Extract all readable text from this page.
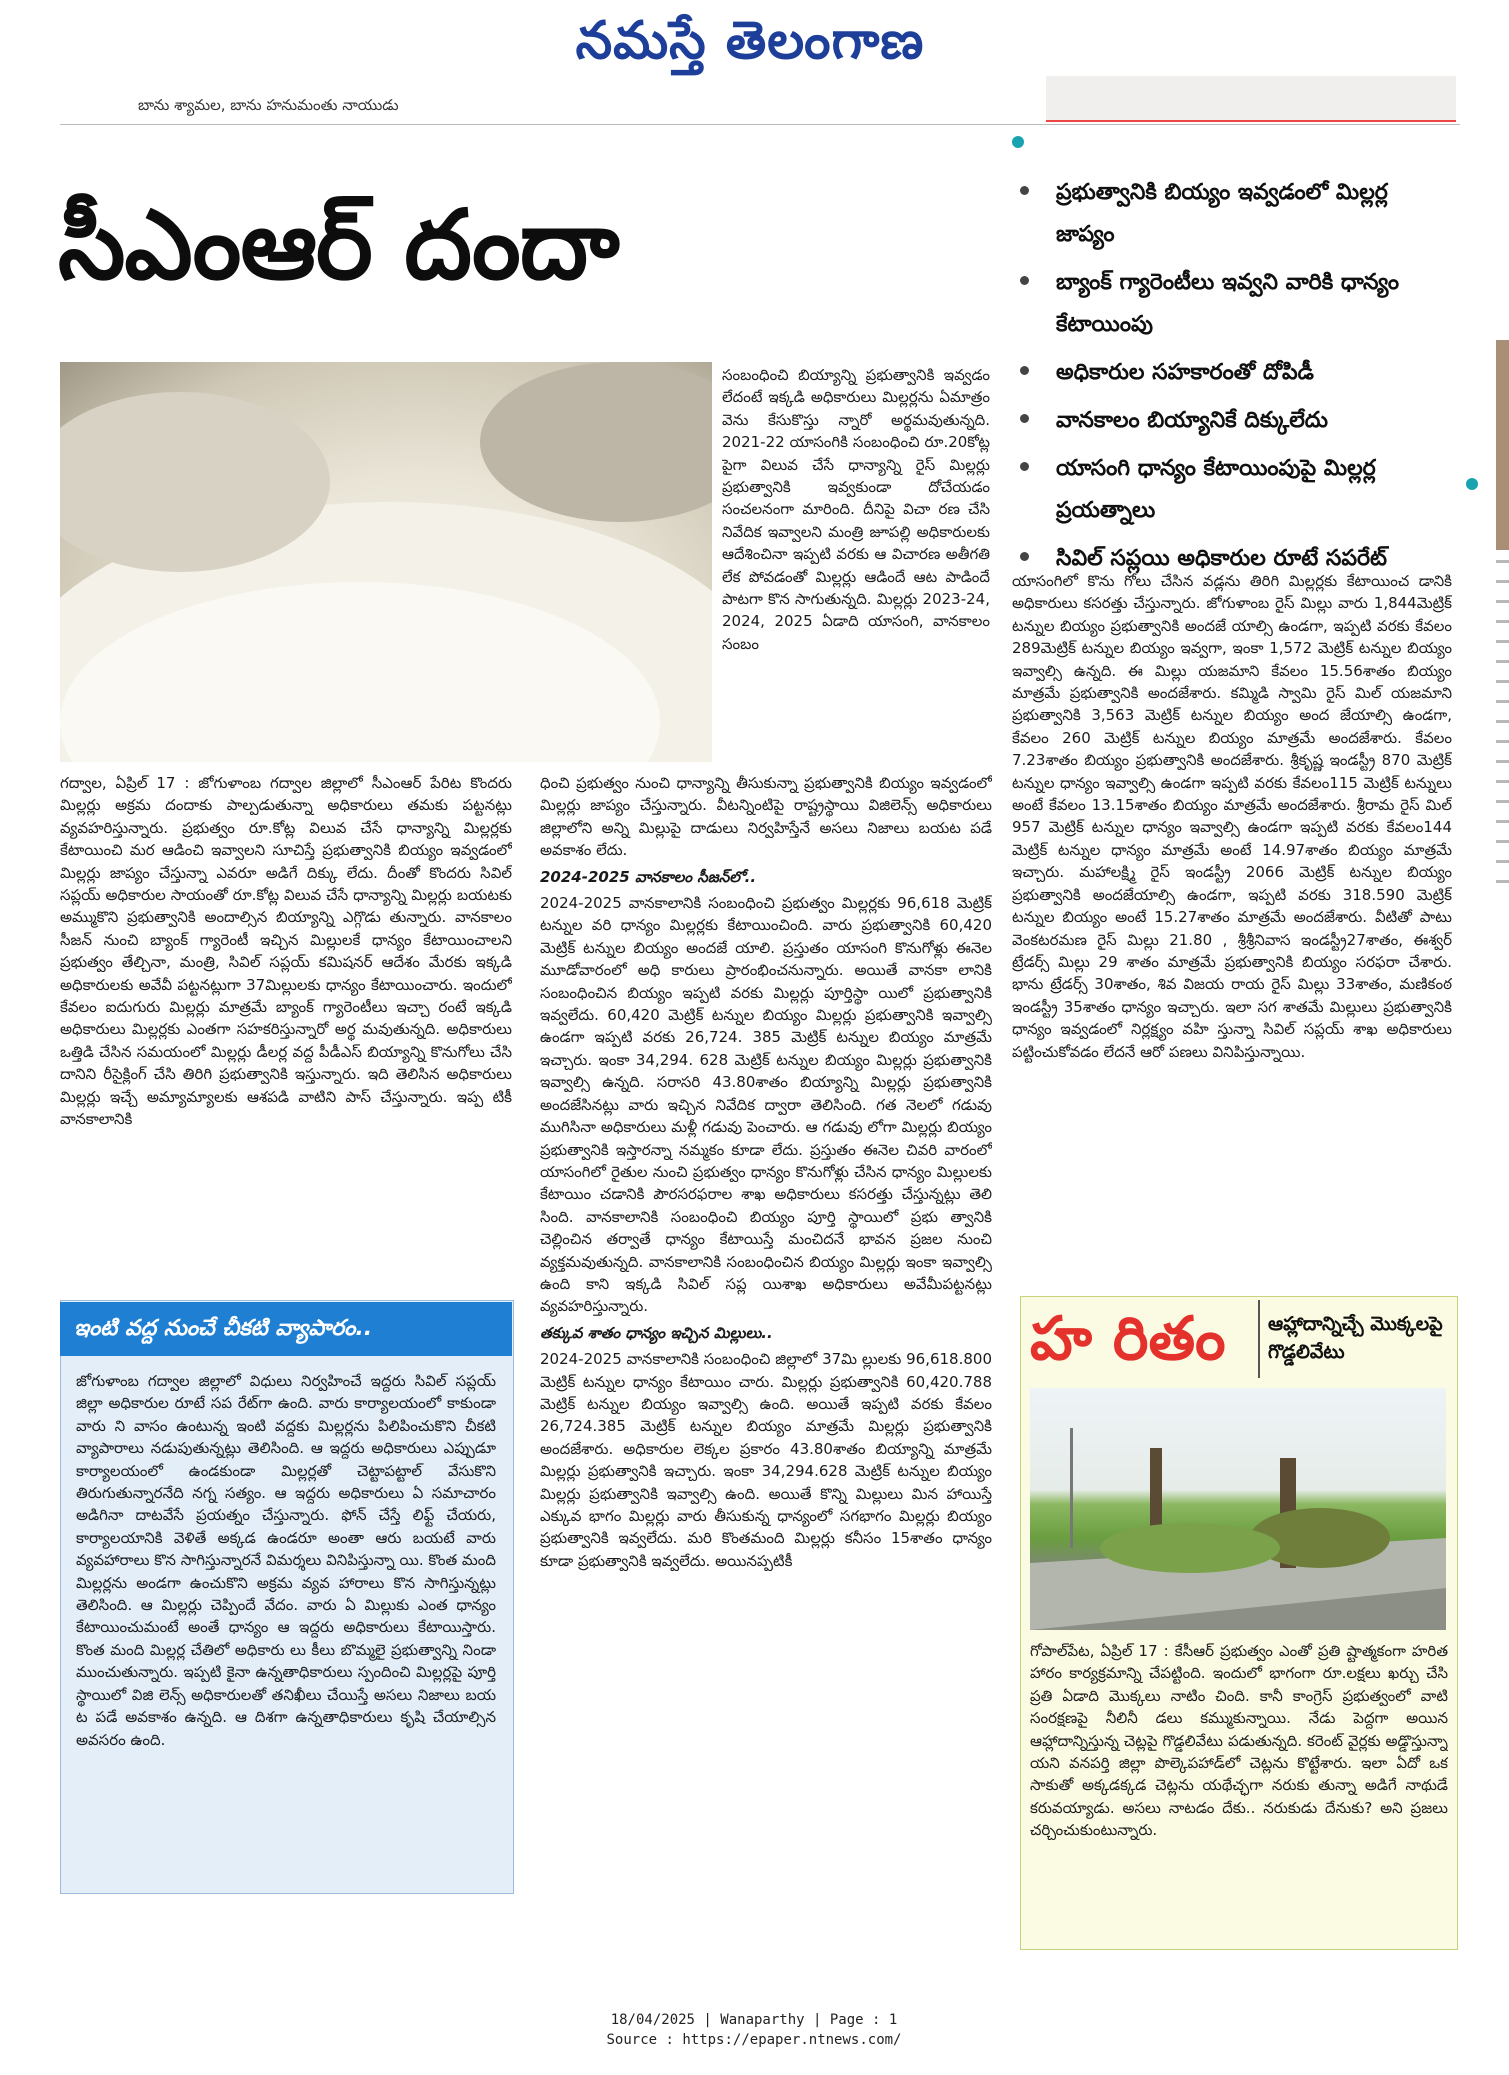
నమస్తే తెలంగాణ
బాను శ్యామల, బాను హనుమంతు నాయుడు
సీఎంఆర్ దందా	ప్రభుత్వానికి బియ్యం ఇవ్వడంలో మిల్లర్ల జాప్యం
బ్యాంక్ గ్యారెంటీలు ఇవ్వని వారికి ధాన్యం కేటాయింపు
అధికారుల సహకారంతో దోపిడీ
వానకాలం బియ్యానికే దిక్కులేదు
యాసంగి ధాన్యం కేటాయింపుపై మిల్లర్ల ప్రయత్నాలు
సివిల్ సప్లయి అధికారుల రూటే సపరేట్
సంబంధించి బియ్యాన్ని ప్రభుత్వానికి ఇవ్వడం లేదంటే ఇక్కడి అధికారులు మిల్లర్లను ఏమాత్రం వెను కేసుకొస్తు న్నారో అర్థమవుతున్నది. 2021-22 యాసంగికి సంబంధించి రూ.20కోట్ల పైగా విలువ చేసే ధాన్యాన్ని రైస్ మిల్లర్లు ప్రభుత్వానికి ఇవ్వకుండా దోచేయడం సంచలనంగా మారింది. దీనిపై విచా రణ చేసి నివేదిక ఇవ్వాలని మంత్రి జూపల్లి అధికారులకు ఆదేశించినా ఇప్పటి వరకు ఆ విచారణ అతీగతి లేక పోవడంతో మిల్లర్లు ఆడిందే ఆట పాడిందే పాటగా కొన సాగుతున్నది. మిల్లర్లు 2023-24, 2024, 2025 ఏడాది యాసంగి, వానకాలం సంబం
గద్వాల, ఏప్రిల్ 17 : జోగుళాంబ గద్వాల జిల్లాలో సీఎంఆర్ పేరిట కొందరు మిల్లర్లు అక్రమ దందాకు పాల్పడుతున్నా అధికారులు తమకు పట్టనట్లు వ్యవహరిస్తున్నారు. ప్రభుత్వం రూ.కోట్ల విలువ చేసే ధాన్యాన్ని మిల్లర్లకు కేటాయించి మర ఆడించి ఇవ్వాలని సూచిస్తే ప్రభుత్వానికి బియ్యం ఇవ్వడంలో మిల్లర్లు జాప్యం చేస్తున్నా ఎవరూ అడిగే దిక్కు లేదు. దీంతో కొందరు సివిల్ సప్లయ్ అధికారుల సాయంతో రూ.కోట్ల విలువ చేసే ధాన్యాన్ని మిల్లర్లు బయటకు అమ్ముకొని ప్రభుత్వానికి అందాల్సిన బియ్యాన్ని ఎగ్గొడు తున్నారు. వానకాలం సీజన్ నుంచి బ్యాంక్ గ్యారెంటీ ఇచ్చిన మిల్లులకే ధాన్యం కేటాయించాలని ప్రభుత్వం తేల్చినా, మంత్రి, సివిల్ సప్లయ్ కమిషనర్ ఆదేశం మేరకు ఇక్కడి అధికారులకు అవేవీ పట్టనట్లుగా 37మిల్లులకు ధాన్యం కేటాయించారు. ఇందులో కేవలం ఐదుగురు మిల్లర్లు మాత్రమే బ్యాంక్ గ్యారెంటీలు ఇచ్చా రంటే ఇక్కడి అధికారులు మిల్లర్లకు ఎంతగా సహకరిస్తున్నారో అర్థ మవుతున్నది. అధికారులు ఒత్తిడి చేసిన సమయంలో మిల్లర్లు డీలర్ల వద్ద పీడీఎస్ బియ్యాన్ని కొనుగోలు చేసి దానిని రీసైక్లింగ్ చేసి తిరిగి ప్రభుత్వానికి ఇస్తున్నారు. ఇది తెలిసిన అధికారులు మిల్లర్లు ఇచ్చే అమ్యామ్యాలకు ఆశపడి వాటిని పాస్ చేస్తున్నారు. ఇప్ప టికీ వానకాలానికి

ధించి ప్రభుత్వం నుంచి ధాన్యాన్ని తీసుకున్నా ప్రభుత్వానికి బియ్యం ఇవ్వడంలో మిల్లర్లు జాప్యం చేస్తున్నారు. వీటన్నింటిపై రాష్ట్రస్థాయి విజిలెన్స్ అధికారులు జిల్లాలోని అన్ని మిల్లుపై దాడులు నిర్వహిస్తేనే అసలు నిజాలు బయట పడే అవకాశం లేదు.

2024-2025 వానకాలం సీజన్‌లో..

2024-2025 వానకాలానికి సంబంధించి ప్రభుత్వం మిల్లర్లకు 96,618 మెట్రిక్ టన్నుల వరి ధాన్యం మిల్లర్లకు కేటాయించింది. వారు ప్రభుత్వానికి 60,420 మెట్రిక్ టన్నుల బియ్యం అందజే యాలి. ప్రస్తుతం యాసంగి కొనుగోళ్లు ఈనెల మూడోవారంలో అధి కారులు ప్రారంభించనున్నారు. అయితే వానకా లానికి సంబంధించిన బియ్యం ఇప్పటి వరకు మిల్లర్లు పూర్తిస్థా యిలో ప్రభుత్వానికి ఇవ్వలేదు. 60,420 మెట్రిక్ టన్నుల బియ్యం మిల్లర్లు ప్రభుత్వానికి ఇవ్వాల్సి ఉండగా ఇప్పటి వరకు 26,724. 385 మెట్రిక్ టన్నుల బియ్యం మాత్రమే ఇచ్చారు. ఇంకా 34,294. 628 మెట్రిక్ టన్నుల బియ్యం మిల్లర్లు ప్రభుత్వానికి ఇవ్వాల్సి ఉన్నది. సరాసరి 43.80శాతం బియ్యాన్ని మిల్లర్లు ప్రభుత్వానికి అందజేసినట్లు వారు ఇచ్చిన నివేదిక ద్వారా తెలిసింది. గత నెలలో గడువు ముగిసినా అధికారులు మళ్లీ గడువు పెంచారు. ఆ గడువు లోగా మిల్లర్లు బియ్యం ప్రభుత్వానికి ఇస్తారన్నా నమ్మకం కూడా లేదు. ప్రస్తుతం ఈనెల చివరి వారంలో యాసంగిలో రైతుల నుంచి ప్రభుత్వం ధాన్యం కొనుగోళ్లు చేసిన ధాన్యం మిల్లులకు కేటాయిం చడానికి పౌరసరఫరాల శాఖ అధికారులు కసరత్తు చేస్తున్నట్లు తెలి సింది. వానకాలానికి సంబంధించి బియ్యం పూర్తి స్థాయిలో ప్రభు త్వానికి చెల్లించిన తర్వాతే ధాన్యం కేటాయిస్తే మంచిదనే భావన ప్రజల నుంచి వ్యక్తమవుతున్నది. వానకాలానికి సంబంధించిన బియ్యం మిల్లర్లు ఇంకా ఇవ్వాల్సి ఉంది కాని ఇక్కడి సివిల్ సప్ల యిశాఖ అధికారులు అవేమీపట్టనట్లు వ్యవహరిస్తున్నారు.

తక్కువ శాతం ధాన్యం ఇచ్చిన మిల్లులు..

2024-2025 వానకాలానికి సంబంధించి జిల్లాలో 37మి ల్లులకు 96,618.800 మెట్రిక్ టన్నుల ధాన్యం కేటాయిం చారు. మిల్లర్లు ప్రభుత్వానికి 60,420.788 మెట్రిక్ టన్నుల బియ్యం ఇవ్వాల్సి ఉంది. అయితే ఇప్పటి వరకు కేవలం 26,724.385 మెట్రిక్ టన్నుల బియ్యం మాత్రమే మిల్లర్లు ప్రభుత్వానికి అందజేశారు. అధికారుల లెక్కల ప్రకారం 43.80శాతం బియ్యాన్ని మాత్రమే మిల్లర్లు ప్రభుత్వానికి ఇచ్చారు. ఇంకా 34,294.628 మెట్రిక్ టన్నుల బియ్యం మిల్లర్లు ప్రభుత్వానికి ఇవ్వాల్సి ఉంది. అయితే కొన్ని మిల్లులు మిన హాయిస్తే ఎక్కువ భాగం మిల్లర్లు వారు తీసుకున్న ధాన్యంలో సగభాగం మిల్లర్లు బియ్యం ప్రభుత్వానికి ఇవ్వలేదు. మరి కొంతమంది మిల్లర్లు కనీసం 15శాతం ధాన్యం కూడా ప్రభుత్వానికి ఇవ్వలేదు. అయినప్పటికీ

యాసంగిలో కొను గోలు చేసిన వడ్లను తిరిగి మిల్లర్లకు కేటాయించ డానికి అధికారులు కసరత్తు చేస్తున్నారు. జోగుళాంబ రైస్ మిల్లు వారు 1,844మెట్రిక్ టన్నుల బియ్యం ప్రభుత్వానికి అందజే యాల్సి ఉండగా, ఇప్పటి వరకు కేవలం 289మెట్రిక్ టన్నుల బియ్యం ఇవ్వగా, ఇంకా 1,572 మెట్రిక్ టన్నుల బియ్యం ఇవ్వాల్సి ఉన్నది. ఈ మిల్లు యజమాని కేవలం 15.56శాతం బియ్యం మాత్రమే ప్రభుత్వానికి అందజేశారు. కమ్మిడి స్వామి రైస్ మిల్ యజమాని ప్రభుత్వానికి 3,563 మెట్రిక్ టన్నుల బియ్యం అంద జేయాల్సి ఉండగా, కేవలం 260 మెట్రిక్ టన్నుల బియ్యం మాత్రమే అందజేశారు. కేవలం 7.23శాతం బియ్యం ప్రభుత్వానికి అందజేశారు. శ్రీకృష్ణ ఇండస్ట్రీ 870 మెట్రిక్ టన్నుల ధాన్యం ఇవ్వాల్సి ఉండగా ఇప్పటి వరకు కేవలం115 మెట్రిక్ టన్నులు అంటే కేవలం 13.15శాతం బియ్యం మాత్రమే అందజేశారు. శ్రీరామ రైస్ మిల్ 957 మెట్రిక్ టన్నుల ధాన్యం ఇవ్వాల్సి ఉండగా ఇప్పటి వరకు కేవలం144 మెట్రిక్ టన్నుల ధాన్యం మాత్రమే అంటే 14.97శాతం బియ్యం మాత్రమే ఇచ్చారు. మహాలక్ష్మి రైస్ ఇండస్ట్రీ 2066 మెట్రిక్ టన్నుల బియ్యం ప్రభుత్వానికి అందజేయాల్సి ఉండగా, ఇప్పటి వరకు 318.590 మెట్రిక్ టన్నుల బియ్యం అంటే 15.27శాతం మాత్రమే అందజేశారు. వీటితో పాటు వెంకటరమణ రైస్ మిల్లు 21.80 , శ్రీశ్రీనివాస ఇండస్ట్రీ27శాతం, ఈశ్వర్ ట్రేడర్స్ మిల్లు 29 శాతం మాత్రమే ప్రభుత్వానికి బియ్యం సరఫరా చేశారు. భాను ట్రేడర్స్ 30శాతం, శివ విజయ రాయ రైస్ మిల్లు 33శాతం, మణికంఠ ఇండస్ట్రీ 35శాతం ధాన్యం ఇచ్చారు. ఇలా సగ శాతమే మిల్లులు ప్రభుత్వానికి ధాన్యం ఇవ్వడంలో నిర్లక్ష్యం వహి స్తున్నా సివిల్ సప్లయ్ శాఖ అధికారులు పట్టించుకోవడం లేదనే ఆరో పణలు వినిపిస్తున్నాయి.
ఇంటి వద్ద నుంచే చీకటి వ్యాపారం..
జోగుళాంబ గద్వాల జిల్లాలో విధులు నిర్వహించే ఇద్దరు సివిల్ సప్లయ్ జిల్లా అధికారుల రూటే సప రేట్‌గా ఉంది. వారు కార్యాలయంలో కాకుండా వారు ని వాసం ఉంటున్న ఇంటి వద్దకు మిల్లర్లను పిలిపించుకొని చీకటి వ్యాపారాలు నడుపుతున్నట్లు తెలిసింది. ఆ ఇద్దరు అధికారులు ఎప్పుడూ కార్యాలయంలో ఉండకుండా మిల్లర్లతో చెట్టాపట్టాల్ వేసుకొని తిరుగుతున్నారనేది నగ్న సత్యం. ఆ ఇద్దరు అధికారులు ఏ సమాచారం అడిగినా దాటవేసే ప్రయత్నం చేస్తున్నారు. ఫోన్ చేస్తే లిఫ్ట్ చేయరు, కార్యాలయానికి వెళితే అక్కడ ఉండరూ అంతా ఆరు బయటే వారు వ్యవహారాలు కొన సాగిస్తున్నారనే విమర్శలు వినిపిస్తున్నా యి. కొంత మంది మిల్లర్లను అండగా ఉంచుకొని అక్రమ వ్యవ హారాలు కొన సాగిస్తున్నట్లు తెలిసింది. ఆ మిల్లర్లు చెప్పిందే వేదం. వారు ఏ మిల్లుకు ఎంత ధాన్యం కేటాయించుమంటే అంతే ధాన్యం ఆ ఇద్దరు అధికారులు కేటాయిస్తారు. కొంత మంది మిల్లర్ల చేతిలో అధికారు లు కీలు బొమ్మలై ప్రభుత్వాన్ని నిండా ముంచుతున్నారు. ఇప్పటి కైనా ఉన్నతాధికారులు స్పందించి మిల్లర్లపై పూర్తి స్థాయిలో విజి లెన్స్ అధికారులతో తనిఖీలు చేయిస్తే అసలు నిజాలు బయ ట పడే అవకాశం ఉన్నది. ఆ దిశగా ఉన్నతాధికారులు కృషి చేయాల్సిన అవసరం ఉంది.
హ రితం	ఆహ్లాదాన్నిచ్చే మొక్కలపై గొడ్డలివేటు
గోపాల్‌పేట, ఏప్రిల్ 17 : కేసీఆర్ ప్రభుత్వం ఎంతో ప్రతి ష్టాత్మకంగా హరిత హారం కార్యక్రమాన్ని చేపట్టింది. ఇందులో భాగంగా రూ.లక్షలు ఖర్చు చేసి ప్రతి ఏడాది మొక్కలు నాటిం చింది. కానీ కాంగ్రెస్ ప్రభుత్వంలో వాటి సంరక్షణపై నీలినీ డలు కమ్ముకున్నాయి. నేడు పెద్దగా అయిన ఆహ్లాదాన్నిస్తున్న చెట్లపై గొడ్డలివేటు పడుతున్నది. కరెంట్ వైర్లకు అడ్డొస్తున్నా యని వనపర్తి జిల్లా పొల్కెపహాడ్‌లో చెట్లను కొట్టేశారు. ఇలా ఏదో ఒక సాకుతో అక్కడక్కడ చెట్లను యథేచ్ఛగా నరుకు తున్నా అడిగే నాథుడే కరువయ్యాడు. అసలు నాటడం దేకు.. నరుకుడు దేనుకు? అని ప్రజలు చర్చించుకుంటున్నారు.
18/04/2025 | Wanaparthy | Page : 1
Source : https://epaper.ntnews.com/
